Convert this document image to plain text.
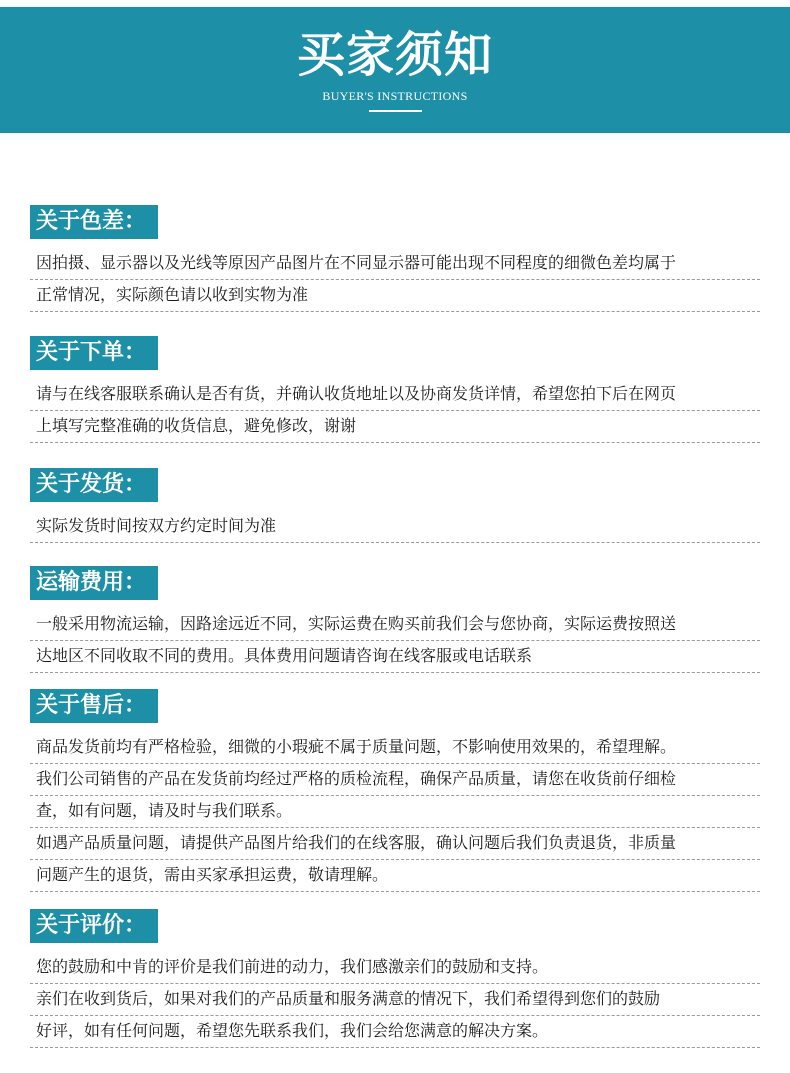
买家须知
BUYER'S INSTRUCTIONS
关于色差：
因拍摄、显示器以及光线等原因产品图片在不同显示器可能出现不同程度的细微色差均属于
正常情况，实际颜色请以收到实物为准
关于下单：
请与在线客服联系确认是否有货，并确认收货地址以及协商发货详情，希望您拍下后在网页
上填写完整准确的收货信息，避免修改，谢谢
关于发货：
实际发货时间按双方约定时间为准
运输费用：
一般采用物流运输，因路途远近不同，实际运费在购买前我们会与您协商，实际运费按照送
达地区不同收取不同的费用。具体费用问题请咨询在线客服或电话联系
关于售后：
商品发货前均有严格检验，细微的小瑕疵不属于质量问题，不影响使用效果的，希望理解。
我们公司销售的产品在发货前均经过严格的质检流程，确保产品质量，请您在收货前仔细检
查，如有问题，请及时与我们联系。
如遇产品质量问题，请提供产品图片给我们的在线客服，确认问题后我们负责退货，非质量
问题产生的退货，需由买家承担运费，敬请理解。
关于评价：
您的鼓励和中肯的评价是我们前进的动力，我们感激亲们的鼓励和支持。
亲们在收到货后，如果对我们的产品质量和服务满意的情况下，我们希望得到您们的鼓励
好评，如有任何问题，希望您先联系我们，我们会给您满意的解决方案。
